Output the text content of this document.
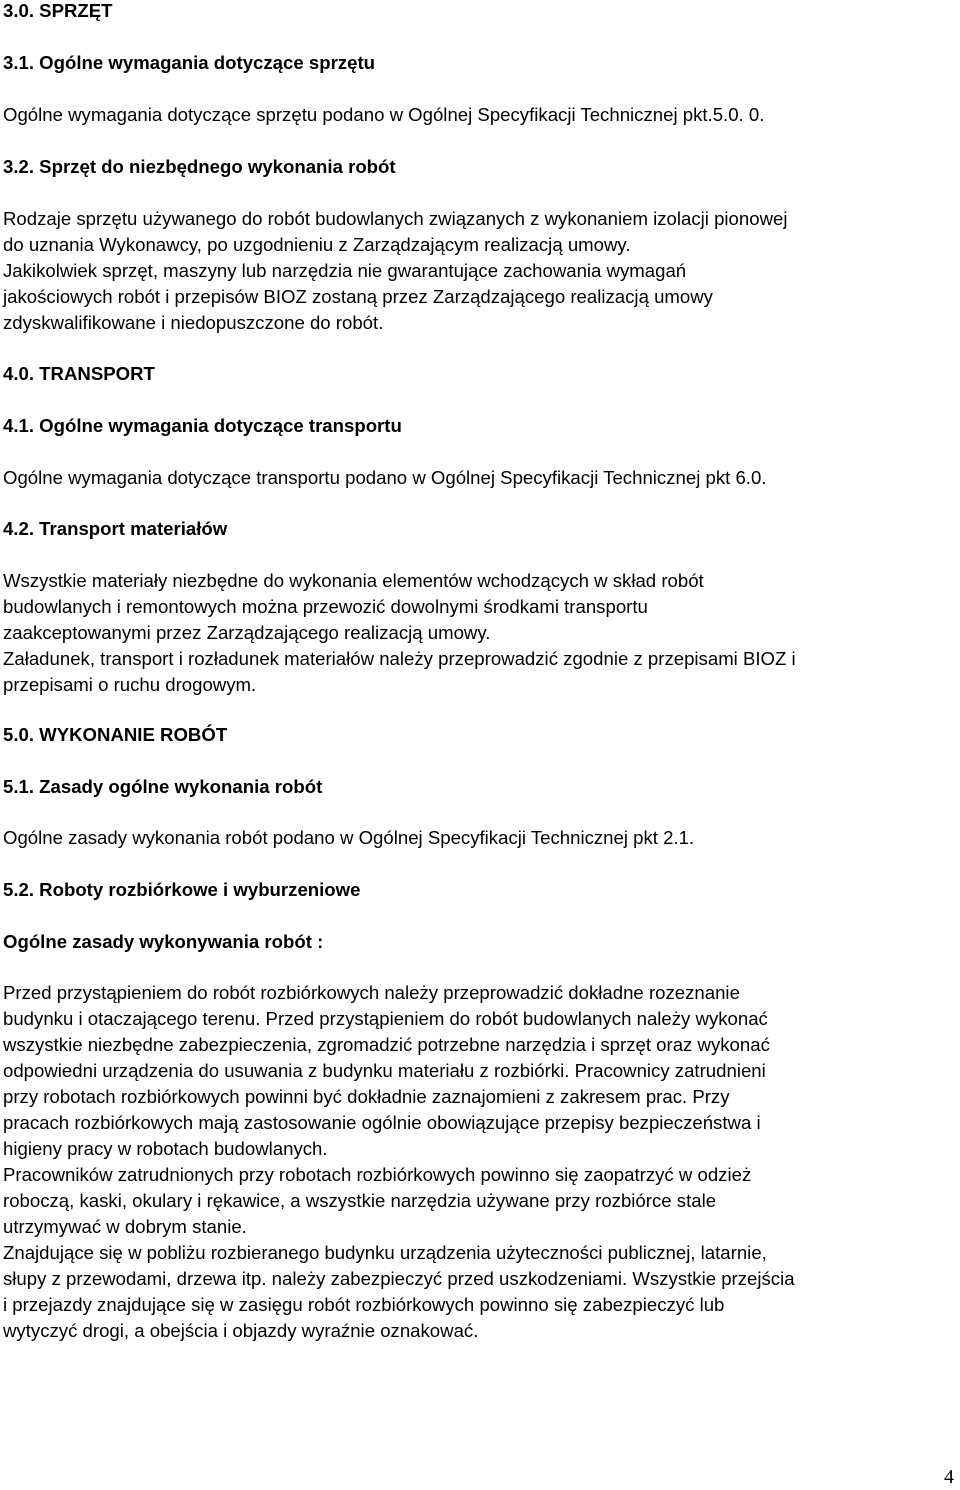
3.0. SPRZĘT
3.1. Ogólne wymagania dotyczące sprzętu
Ogólne wymagania dotyczące sprzętu podano w Ogólnej Specyfikacji Technicznej pkt.5.0. 0.
3.2. Sprzęt do niezbędnego wykonania robót
Rodzaje sprzętu używanego do robót budowlanych związanych z wykonaniem izolacji pionowej
do uznania Wykonawcy, po uzgodnieniu z Zarządzającym realizacją umowy.
Jakikolwiek sprzęt, maszyny lub narzędzia nie gwarantujące zachowania wymagań
jakościowych robót i przepisów BIOZ zostaną przez Zarządzającego realizacją umowy
zdyskwalifikowane i niedopuszczone do robót.
4.0. TRANSPORT
4.1. Ogólne wymagania dotyczące transportu
Ogólne wymagania dotyczące transportu podano w Ogólnej Specyfikacji Technicznej pkt 6.0.
4.2. Transport materiałów
Wszystkie materiały niezbędne do wykonania elementów wchodzących w skład robót
budowlanych i remontowych można przewozić dowolnymi środkami transportu
zaakceptowanymi przez Zarządzającego realizacją umowy.
Załadunek, transport i rozładunek materiałów należy przeprowadzić zgodnie z przepisami BIOZ i
przepisami o ruchu drogowym.
5.0. WYKONANIE ROBÓT
5.1. Zasady ogólne wykonania robót
Ogólne zasady wykonania robót podano w Ogólnej Specyfikacji Technicznej pkt 2.1.
5.2. Roboty rozbiórkowe i wyburzeniowe
Ogólne zasady wykonywania robót :
Przed przystąpieniem do robót rozbiórkowych należy przeprowadzić dokładne rozeznanie
budynku i otaczającego terenu. Przed przystąpieniem do robót budowlanych należy wykonać
wszystkie niezbędne zabezpieczenia, zgromadzić potrzebne narzędzia i sprzęt oraz wykonać
odpowiedni urządzenia do usuwania z budynku materiału z rozbiórki. Pracownicy zatrudnieni
przy robotach rozbiórkowych powinni być dokładnie zaznajomieni z zakresem prac. Przy
pracach rozbiórkowych mają zastosowanie ogólnie obowiązujące przepisy bezpieczeństwa i
higieny pracy w robotach budowlanych.
Pracowników zatrudnionych przy robotach rozbiórkowych powinno się zaopatrzyć w odzież
roboczą, kaski, okulary i rękawice, a wszystkie narzędzia używane przy rozbiórce stale
utrzymywać w dobrym stanie.
Znajdujące się w pobliżu rozbieranego budynku urządzenia użyteczności publicznej, latarnie,
słupy z przewodami, drzewa itp. należy zabezpieczyć przed uszkodzeniami. Wszystkie przejścia
i przejazdy znajdujące się w zasięgu robót rozbiórkowych powinno się zabezpieczyć lub
wytyczyć drogi, a obejścia i objazdy wyraźnie oznakować.
4
